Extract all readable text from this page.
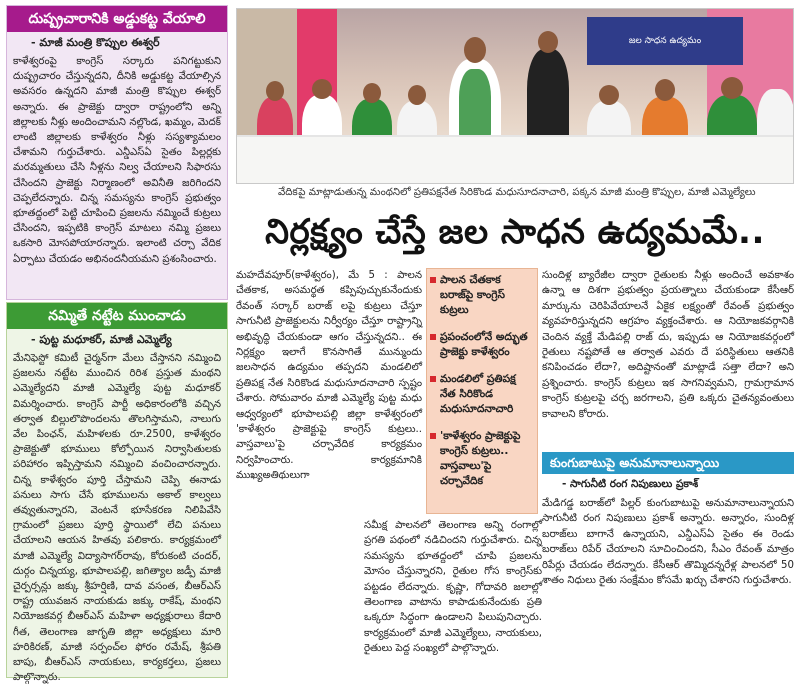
దుష్ప్రచారానికి అడ్డుకట్ట వేయాలి
- మాజీ మంత్రి కొప్పుల ఈశ్వర్
కాళేశ్వరంపై కాంగ్రెస్ సర్కారు పనిగట్టుకుని దుష్ప్రచారం చేస్తున్నదని, దీనికి అడ్డుకట్ట వేయాల్సిన అవసరం ఉన్నదని మాజీ మంత్రి కొప్పుల ఈశ్వర్ అన్నారు. ఈ ప్రాజెక్టు ద్వారా రాష్ట్రంలోని అన్ని జిల్లాలకు నీళ్లు అందించామని నల్లొండ, ఖమ్మం, మెదక్ లాంటి జిల్లాలకు కాళేశ్వరం నీళ్లు సస్యశ్యామలం చేశామని గుర్తుచేశారు. ఎన్డీఎస్ఏ సైతం పిల్లర్లకు మరమ్మతులు చేసి నీళ్లను నిల్వ చేయాలని సిఫారసు చేసిందని ప్రాజెక్టు నిర్మాణంలో అవినీతి జరిగిందని చెప్పలేదన్నారు. చిన్న సమస్యను కాంగ్రెస్ ప్రభుత్వం భూతద్దంలో పెట్టి చూపించి ప్రజలను నమ్మించే కుట్రలు చేసిందని, ఇప్పటికి కాంగ్రెస్ మాటలు నమ్మి ప్రజలు ఒకసారి మోసపోయారన్నారు. ఇలాంటి చర్చా వేదిక ఏర్పాటు చేయడం అభినందనీయమని ప్రశంసించారు.
నమ్మితే నట్టేట ముంచాడు
- పుట్ట మధూకర్, మాజీ ఎమ్మెల్యే
మేనిఫెస్టో కమిటీ చైర్మన్‌గా మేలు చేస్తానని నమ్మించి ప్రజలను నట్టేట ముంచిన రిరిశ ప్రస్తుత మంథని ఎమ్మెల్యేదని మాజీ ఎమ్మెల్యే పుట్ట మధూకర్ విమర్శించారు. కాంగ్రెస్ పార్టీ అధికారంలోకి వచ్చిన తర్వాత బిల్లులొపొందలను తొలగిస్తామని, నాలుగు వేల పింఛన్, మహిళలకు రూ.2500, కాళేశ్వరం ప్రాజెక్టుతో భూములు కోల్పోయిన నిర్వాసితులకు పరిహారం ఇప్పిస్తామని నమ్మించి వంచించారన్నారు. చిన్న కాళేశ్వరం పూర్తి చేస్తామని చెప్పి ఈనాడు పనులు సాగు చేసే భూములను అకాల్ కాల్వలు తవ్వుతున్నారని, వెంటనే భూసేకరణ నిలిపివేసి గ్రామంలో ప్రజలు పూర్తి స్థాయిలో లేచి పనులు చేయాలని ఆయన హితవు పలికారు. కార్యక్రమంలో మాజీ ఎమ్మెల్యే విద్యాసాగర్‌రావు, కోరుకంటి చందర్, దుర్గం చిన్నయ్య, భూపాలపల్లి, జగిత్యాల జడ్పీ మాజీ చైర్పర్సన్లు జక్కు శ్రీహర్షిణి, దావ వసంత, బీఆర్ఎస్ రాష్ట్ర యువజన నాయకుడు జక్కు రాకేష్, మంథని నియోజకవర్గ బీఆర్ఎస్ మహిళా అధ్యక్షురాలు కేదారి గీత, తెలంగాణ జాగృతి జిల్లా అధ్యక్షులు మారి హరికిరణ్, మాజీ సర్పంచ్‌ల ఫోరం రమేష్, శ్రీపతి బాపు, బీఆర్ఎస్ నాయకులు, కార్యకర్తలు, ప్రజలు పాల్గొన్నారు.
జల సాధన ఉద్యమం
వేదికపై మాట్లాడుతున్న మంథనిలో ప్రతిపక్షనేత సిరికొండ మధుసూదనాచారి, పక్కన మాజీ మంత్రి కొప్పుల, మాజీ ఎమ్మెల్యేలు
నిర్లక్ష్యం చేస్తే జల సాధన ఉద్యమమే..
మహదేవపూర్(కాళేశ్వరం), మే 5 : పాలన చేతకాక, అసమర్థత కప్పిపుచ్చుకునేందుకు రేవంత్ సర్కార్ బరాజ్ లపై కుట్రలు చేస్తూ సాగునీటి ప్రాజెక్టులను నిర్వీర్యం చేస్తూ రాష్ట్రాన్ని అభివృద్ధి చేయకుండా ఆగం చేస్తున్నదని.. ఈ నిర్లక్ష్యం ఇలాగే కొనసాగితే మున్ముందు జలసాధన ఉద్యమం తప్పదని మండలిలో ప్రతిపక్ష నేత సిరికొండ మధుసూదనాచారి స్పష్టం చేశారు. సోమవారం మాజీ ఎమ్మెల్యే పుట్ట మధు ఆధ్వర్యంలో భూపాలపల్లి జిల్లా కాళేశ్వరంలో 'కాళేశ్వరం ప్రాజెక్టుపై కాంగ్రెస్ కుట్రలు.. వాస్తవాలు'పై చర్చావేదిక కార్యక్రమం నిర్వహించారు. కార్యక్రమానికి ముఖ్యఅతిథులుగా
పాలన చేతకాక బరాజ్‌పై కాంగ్రెస్ కుట్రలు
ప్రపంచంలోనే అద్భుత ప్రాజెక్టు కాళేశ్వరం
మండలిలో ప్రతిపక్ష నేత సిరికొండ మధుసూదనాచారి
'కాళేశ్వరం ప్రాజెక్టుపై కాంగ్రెస్ కుట్రలు.. వాస్తవాలు'పై చర్చావేదిక
సుందిళ్ల బ్యారేజీల ద్వారా రైతులకు నీళ్లు అందించే అవకాశం ఉన్నా ఆ దిశగా ప్రభుత్వం ప్రయత్నాలు చేయకుండా కేసీఆర్ మార్కును చెరిపివేయాలనే ఏకైక లక్ష్యంతో రేవంత్ ప్రభుత్వం వ్యవహరిస్తున్నదని ఆగ్రహం వ్యక్తంచేశారు. ఆ నియోజకవర్గానికి చెందిన వ్యక్తే మేడిపల్లి రాజ్‌ దు, ఇప్పుడు ఆ నియోజకవర్గంలో రైతులు నష్టపోతే ఆ తర్వాత ఎవరు దే పరిస్థితులు ఆతనికి కనిపించడం లేదా?, అదిష్టానంతో మాట్లాడే సత్తా లేదా? అని ప్రశ్నించారు. కాంగ్రెస్ కుట్రలు ఇక సాగనివ్వమని, గ్రామగ్రామాన కాంగ్రెస్ కుట్రలపై చర్చ జరగాలని, ప్రతి ఒక్కరు చైతన్యవంతులు కావాలని కోరారు.
సమీక్ష పాలనలో తెలంగాణ అన్ని రంగాల్లో ప్రగతి పథంలో నడిచిందని గుర్తుచేశారు. చిన్న సమస్యను భూతద్దంలో చూపి ప్రజలను మోసం చేస్తున్నారని, రైతుల గోస కాంగ్రెస్‌కు పట్టడం లేదన్నారు. కృష్ణా, గోదావరి జలాల్లో తెలంగాణ వాటాను కాపాడుకునేందుకు ప్రతి ఒక్కరూ సిద్ధంగా ఉండాలని పిలుపునిచ్చారు. కార్యక్రమంలో మాజీ ఎమ్మెల్యేలు, నాయకులు, రైతులు పెద్ద సంఖ్యలో పాల్గొన్నారు.
కుంగుబాటుపై అనుమానాలున్నాయి
- సాగునీటి రంగ నిపుణులు ప్రకాశ్
మేడిగడ్డ బరాజ్‌లో పిల్లర్ కుంగుబాటుపై అనుమానాలున్నాయని సాగునీటి రంగ నిపుణులు ప్రకాశ్ అన్నారు. అన్నారం, సుందిళ్ల బరాజ్‌లు బాగానే ఉన్నాయని, ఎన్డీఎస్ఏ సైతం ఈ రెండు బరాజ్‌లు రిపేర్ చేయాలని సూచించిందని, సీఎం రేవంత్ మాత్రం రిపేర్లు చేయడం లేదన్నారు. కేసీఆర్ తొమ్మిదన్నరేళ్ల పాలనలో 50 శాతం నిధులు రైతు సంక్షేమం కోసమే ఖర్చు చేశారని గుర్తుచేశారు.
